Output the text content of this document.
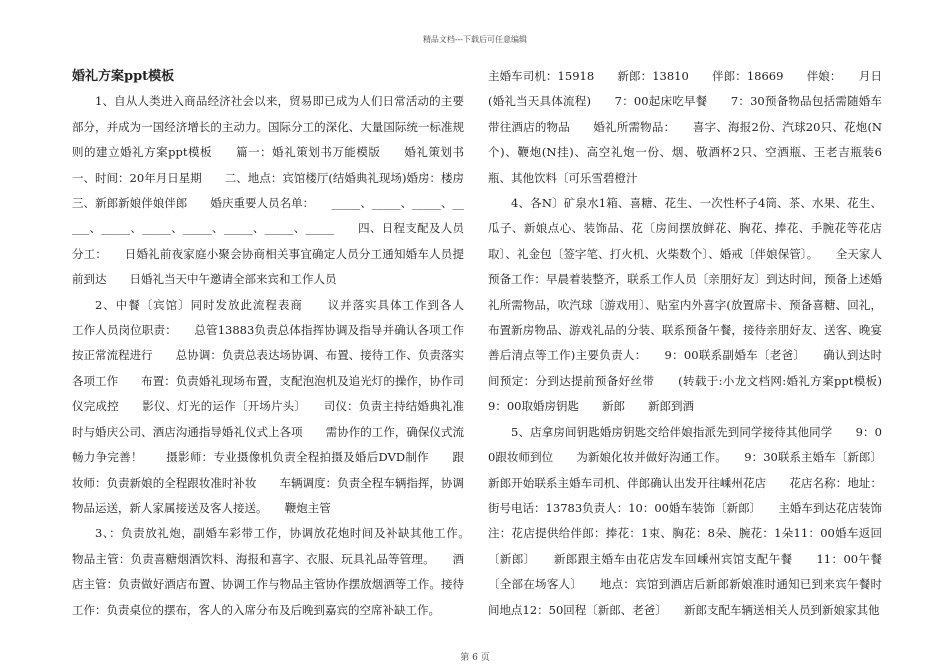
精品文档---下载后可任意编辑

婚礼方案ppt模板

1、自从人类进入商品经济社会以来，贸易即已成为人们日常活动的主要部分，并成为一国经济增长的主动力。国际分工的深化、大量国际统一标准规则的建立婚礼方案ppt模板　　篇一：婚礼策划书万能模版　　婚礼策划书　　一、时间：20年月日星期　　二、地点：宾馆楼厅(结婚典礼现场)婚房：楼房　　三、新郎新娘伴娘伴郎　　婚庆重要人员名单：　　_____、_____、_____、_____、_____、_____、_____、_____、_____、_____　　四、日程支配及人员分工：　　日婚礼前夜家庭小聚会协商相关事宜确定人员分工通知婚车人员提前到达　　日婚礼当天中午邀请全部来宾和工作人员

2、中餐〔宾馆〕同时发放此流程表商　　议并落实具体工作到各人　　工作人员岗位职责：　　总管13883负责总体指挥协调及指导并确认各项工作按正常流程进行　　总协调：负责总表达场协调、布置、接待工作、负责落实各项工作　　布置：负责婚礼现场布置，支配泡泡机及追光灯的操作，协作司仪完成控　　影仪、灯光的运作〔开场片头〕　　司仪：负责主持结婚典礼准时与婚庆公司、酒店沟通指导婚礼仪式上各项　　需协作的工作，确保仪式流畅力争完善！　　摄影师：专业摄像机负责全程拍摄及婚后DVD制作　　跟妆师：负责新娘的全程跟妆准时补妆　　车辆调度：负责全程车辆指挥，协调物品运送，新人家属接送及客人接送。　　鞭炮主管

3、：负责放礼炮，副婚车彩带工作，协调放花炮时间及补缺其他工作。　　物品主管：负责喜糖烟酒饮料、海报和喜字、衣服、玩具礼品等管理。　　酒店主管：负责做好酒店布置、协调工作与物品主管协作摆放烟酒等工作。接待工作：负责桌位的摆布，客人的入席分布及后晚到嘉宾的空席补缺工作。

主婚车司机：15918　　新郎：13810　　伴郎：18669　　伴娘：　　月日(婚礼当天具体流程)　　7：00起床吃早餐　　7：30预备物品包括需随婚车带往酒店的物品　　婚礼所需物品：　　喜字、海报2份、汽球20只、花炮(N个)、鞭炮(N挂)、高空礼炮一份、烟、敬酒杯2只、空酒瓶、王老吉瓶装6瓶、其他饮料〔可乐雪碧橙汁

4、各N〕矿泉水1箱、喜糖、花生、一次性杯子4筒、茶、水果、花生、瓜子、新娘点心、装饰品、花〔房间摆放鲜花、胸花、捧花、手腕花等花店取〕、礼金包〔签字笔、打火机、火柴数个〕、婚戒〔伴娘保管〕。　　全天家人预备工作：早晨着装整齐，联系工作人员〔亲朋好友〕到达时间，预备上述婚礼所需物品，吹汽球〔游戏用〕、贴室内外喜字(放置席卡、预备喜糖、回礼，布置新房物品、游戏礼品的分装、联系预备午餐，接待亲朋好友、送客、晚宴善后清点等工作)主要负责人：　　9：00联系副婚车〔老爸〕　　确认到达时间预定：分到达提前预备好丝带　　(转载于:小龙文档网:婚礼方案ppt模板)9：00取婚房钥匙　　新郎　　新郎到酒

5、店拿房间钥匙婚房钥匙交给伴娘指派先到同学接待其他同学　　9：00跟妆师到位　　为新娘化妆并做好沟通工作。　　9：30联系主婚车〔新郎〕新郎开始联系主婚车司机、伴郎确认出发开往嵊州花店　　花店名称：地址：街号电话：13783负责人：10：00婚车装饰〔新郎〕　　主婚车到达花店装饰注：花店提供给伴郎：捧花：1束、胸花：8朵、腕花：1朵11：00婚车返回〔新郎〕　　新郎跟主婚车由花店发车回嵊州宾馆支配午餐　　11：00午餐〔全部在场客人〕　　地点：宾馆到酒店后新郎新娘准时通知已到来宾午餐时间地点12：50回程〔新郎、老爸〕　　新郎支配车辆送相关人员到新娘家其他

第 6 页
